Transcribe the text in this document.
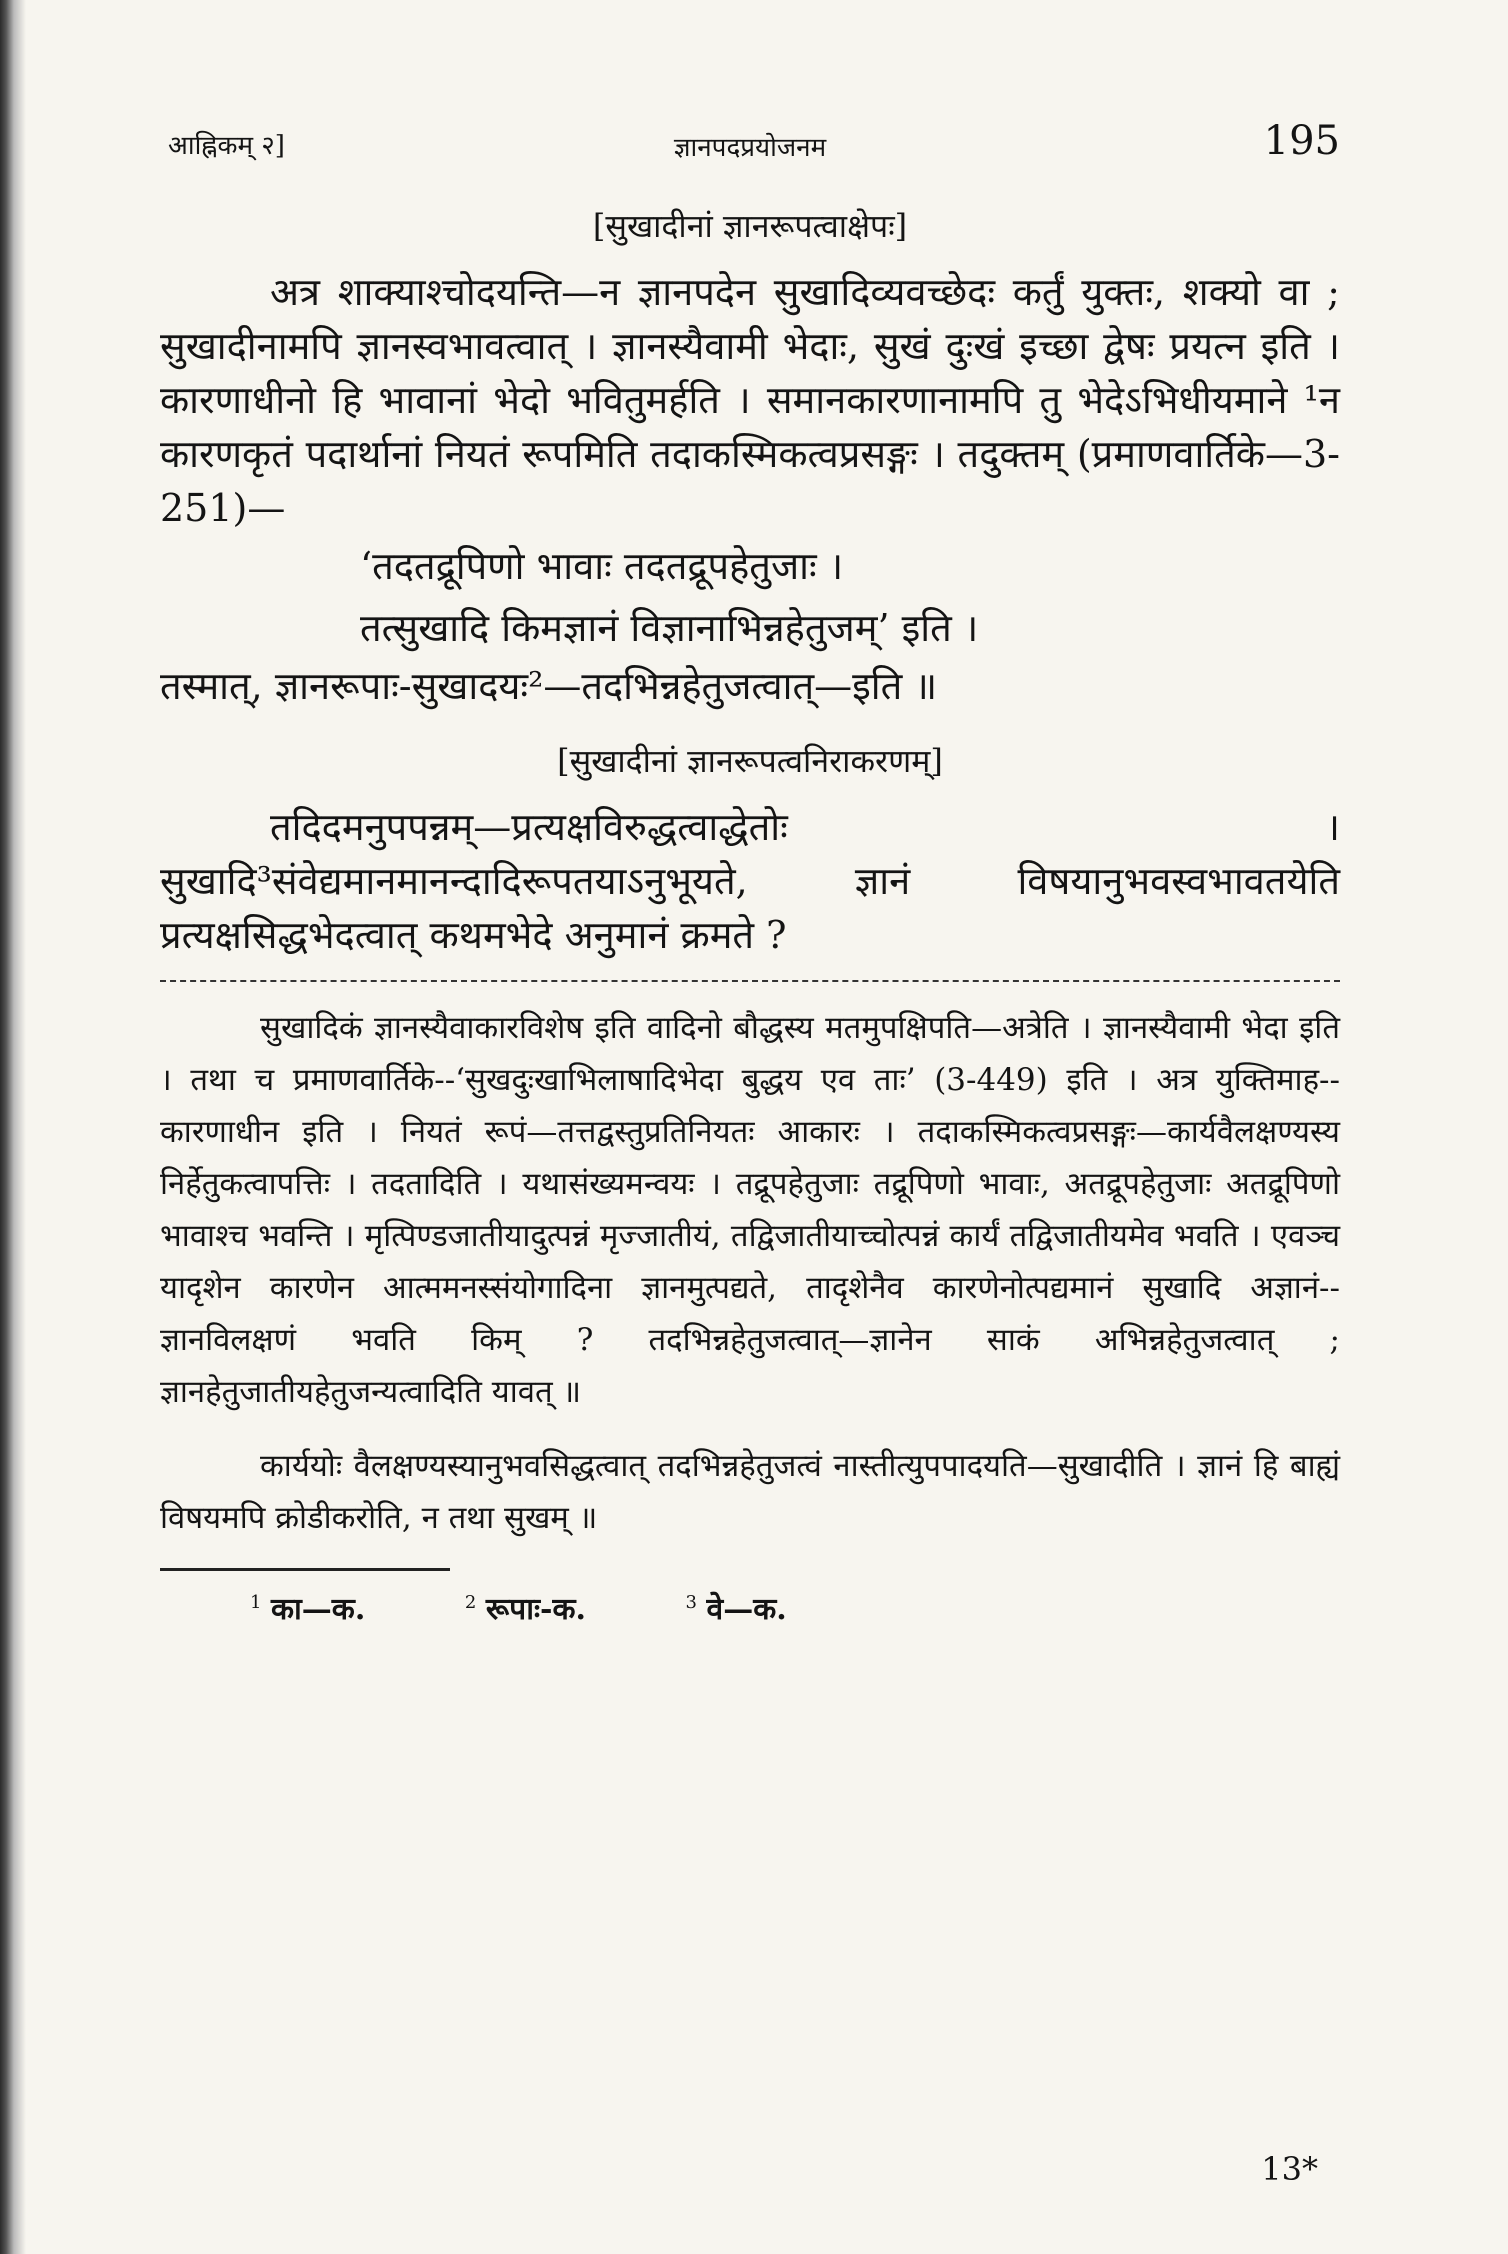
आह्निकम् २]	ज्ञानपदप्रयोजनम	195
[सुखादीनां ज्ञानरूपत्वाक्षेपः]

अत्र शाक्याश्चोदयन्ति—न ज्ञानपदेन सुखादिव्यवच्छेदः कर्तुं युक्तः, शक्यो वा ; सुखादीनामपि ज्ञानस्वभावत्वात् । ज्ञानस्यैवामी भेदाः, सुखं दुःखं इच्छा द्वेषः प्रयत्न इति । कारणाधीनो हि भावानां भेदो भवितुमर्हति । समानकारणानामपि तु भेदेऽभिधीयमाने ¹न कारणकृतं पदार्थानां नियतं रूपमिति तदाकस्मिकत्वप्रसङ्गः । तदुक्तम् (प्रमाणवार्तिके—3-251)—

‘तदतद्रूपिणो भावाः तदतद्रूपहेतुजाः ।

तत्सुखादि किमज्ञानं विज्ञानाभिन्नहेतुजम्’ इति ।

तस्मात्, ज्ञानरूपाः-सुखादयः²—तदभिन्नहेतुजत्वात्—इति ॥

[सुखादीनां ज्ञानरूपत्वनिराकरणम्]

तदिदमनुपपन्नम्—प्रत्यक्षविरुद्धत्वाद्धेतोः । सुखादि³संवेद्यमानमानन्दादिरूपतयाऽनुभूयते, ज्ञानं विषयानुभवस्वभावतयेति प्रत्यक्षसिद्धभेदत्वात् कथमभेदे अनुमानं क्रमते ?

सुखादिकं ज्ञानस्यैवाकारविशेष इति वादिनो बौद्धस्य मतमुपक्षिपति—अत्रेति । ज्ञानस्यैवामी भेदा इति । तथा च प्रमाणवार्तिके--‘सुखदुःखाभिलाषादिभेदा बुद्धय एव ताः’ (3-449) इति । अत्र युक्तिमाह--कारणाधीन इति । नियतं रूपं—तत्तद्वस्तुप्रतिनियतः आकारः । तदाकस्मिकत्वप्रसङ्गः—कार्यवैलक्षण्यस्य निर्हेतुकत्वापत्तिः । तदतादिति । यथासंख्यमन्वयः । तद्रूपहेतुजाः तद्रूपिणो भावाः, अतद्रूपहेतुजाः अतद्रूपिणो भावाश्च भवन्ति । मृत्पिण्डजातीयादुत्पन्नं मृज्जातीयं, तद्विजातीयाच्चोत्पन्नं कार्यं तद्विजातीयमेव भवति । एवञ्च यादृशेन कारणेन आत्ममनस्संयोगादिना ज्ञानमुत्पद्यते, तादृशेनैव कारणेनोत्पद्यमानं सुखादि अज्ञानं--ज्ञानविलक्षणं भवति किम् ? तदभिन्नहेतुजत्वात्—ज्ञानेन साकं अभिन्नहेतुजत्वात् ; ज्ञानहेतुजातीयहेतुजन्यत्वादिति यावत् ॥

कार्ययोः वैलक्षण्यस्यानुभवसिद्धत्वात् तदभिन्नहेतुजत्वं नास्तीत्युपपादयति—सुखादीति । ज्ञानं हि बाह्यं विषयमपि क्रोडीकरोति, न तथा सुखम् ॥

$^1$ का—क.	$^2$ रूपाः-क.	$^3$ वे—क.
13*
